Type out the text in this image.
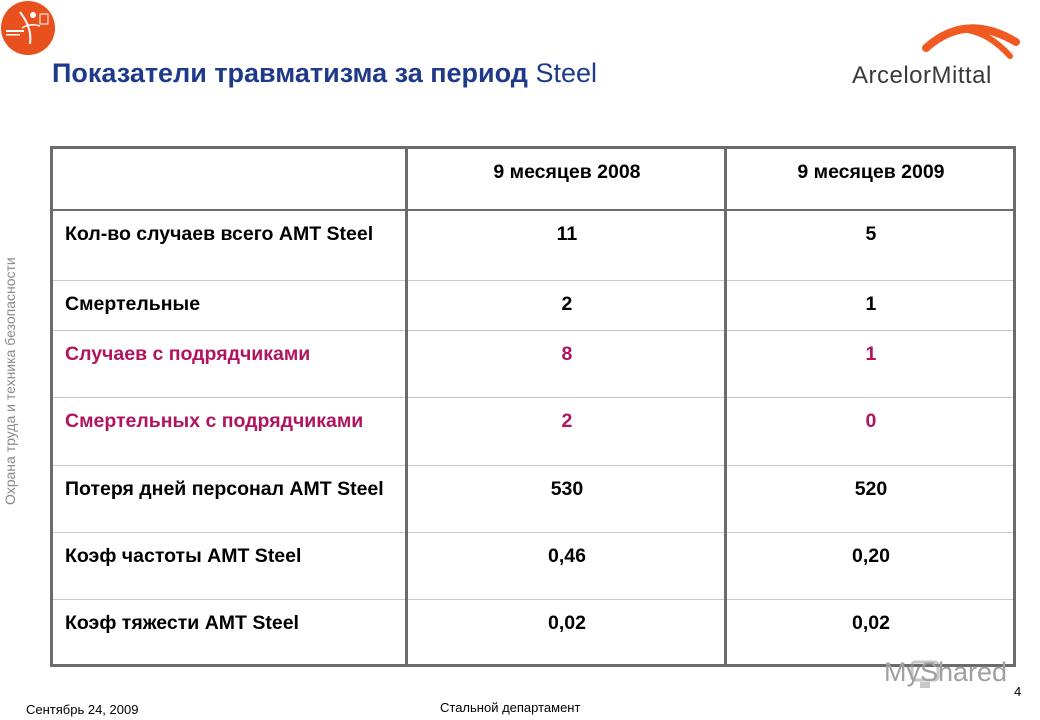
Показатели травматизма за период Steel	ArcelorMittal
Охрана труда и техника безопасности
	9 месяцев 2008	9 месяцев 2009
Кол-во случаев всего АМТ Steel	11	5
Смертельные	2	1
Случаев с подрядчиками	8	1
Смертельных с подрядчиками	2	0
Потеря дней персонал АМТ Steel	530	520
Коэф частоты АМТ Steel	0,46	0,20
Коэф тяжести АМТ Steel	0,02	0,02
MyShared
4
Сентябрь 24, 2009	Стальной департамент
